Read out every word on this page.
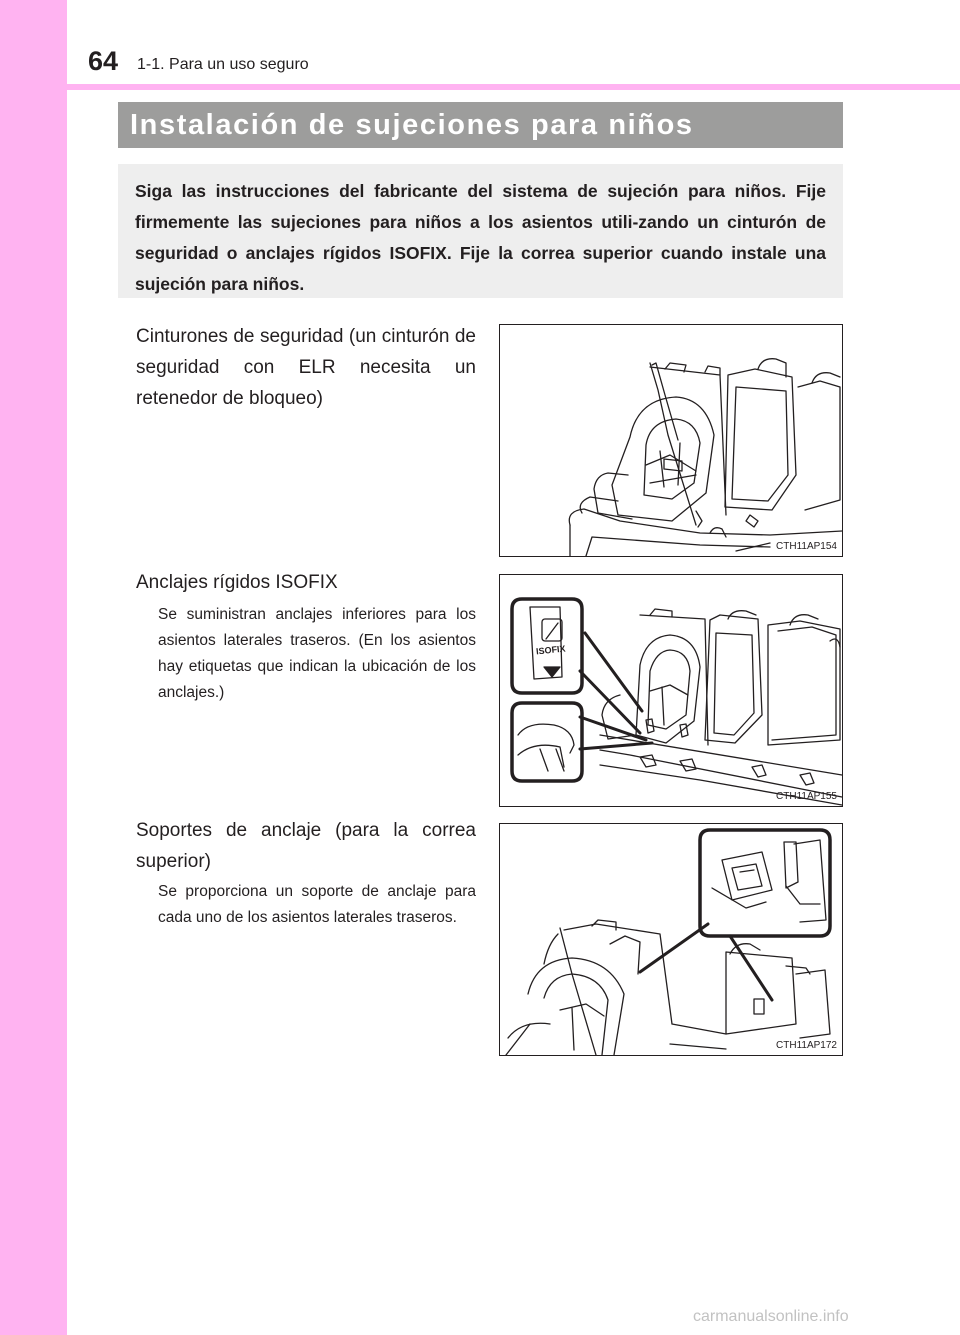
64 1-1. Para un uso seguro
Instalación de sujeciones para niños
Siga las instrucciones del fabricante del sistema de sujeción para niños. Fije firmemente las sujeciones para niños a los asientos utili-zando un cinturón de seguridad o anclajes rígidos ISOFIX. Fije la correa superior cuando instale una sujeción para niños.
Cinturones de seguridad (un cinturón de seguridad con ELR necesita un retenedor de bloqueo)
CTH11AP154
Anclajes rígidos ISOFIX
Se suministran anclajes inferiores para los asientos laterales traseros. (En los asientos hay etiquetas que indican la ubicación de los anclajes.)
ISOFIX
CTH11AP155
Soportes de anclaje (para la correa superior)
Se proporciona un soporte de anclaje para cada uno de los asientos laterales traseros.
CTH11AP172
carmanualsonline.info
